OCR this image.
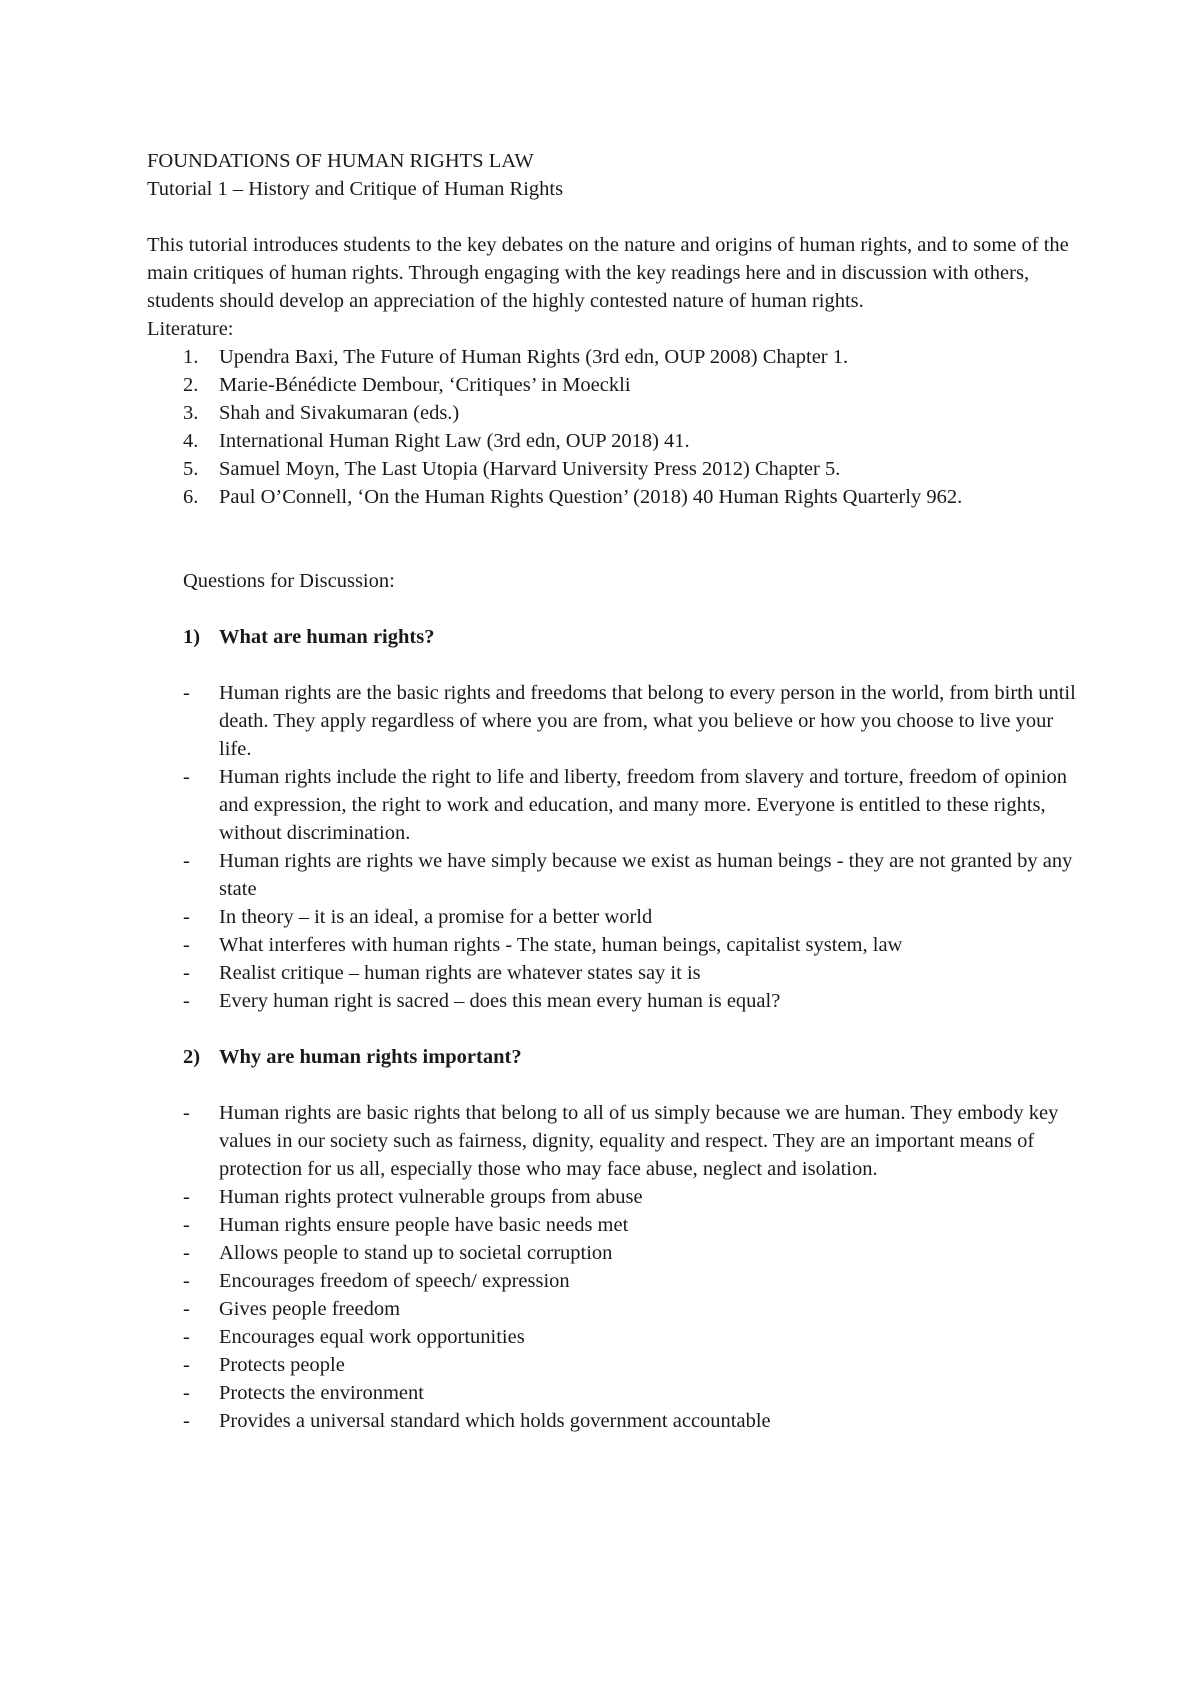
FOUNDATIONS OF HUMAN RIGHTS LAW
Tutorial 1 – History and Critique of Human Rights
This tutorial introduces students to the key debates on the nature and origins of human rights, and to some of the main critiques of human rights. Through engaging with the key readings here and in discussion with others, students should develop an appreciation of the highly contested nature of human rights.
Literature:
1.	Upendra Baxi, The Future of Human Rights (3rd edn, OUP 2008) Chapter 1.
2.	Marie-Bénédicte Dembour, ‘Critiques’ in Moeckli
3.	Shah and Sivakumaran (eds.)
4.	International Human Right Law (3rd edn, OUP 2018) 41.
5.	Samuel Moyn, The Last Utopia (Harvard University Press 2012) Chapter 5.
6.	Paul O’Connell, ‘On the Human Rights Question’ (2018) 40 Human Rights Quarterly 962.
Questions for Discussion:
1) What are human rights?
- Human rights are the basic rights and freedoms that belong to every person in the world, from birth until death. They apply regardless of where you are from, what you believe or how you choose to live your life.
- Human rights include the right to life and liberty, freedom from slavery and torture, freedom of opinion and expression, the right to work and education, and many more. Everyone is entitled to these rights, without discrimination.
- Human rights are rights we have simply because we exist as human beings - they are not granted by any state
- In theory – it is an ideal, a promise for a better world
- What interferes with human rights - The state, human beings, capitalist system, law
- Realist critique – human rights are whatever states say it is
- Every human right is sacred – does this mean every human is equal?
2) Why are human rights important?
- Human rights are basic rights that belong to all of us simply because we are human. They embody key values in our society such as fairness, dignity, equality and respect. They are an important means of protection for us all, especially those who may face abuse, neglect and isolation.
- Human rights protect vulnerable groups from abuse
- Human rights ensure people have basic needs met
- Allows people to stand up to societal corruption
- Encourages freedom of speech/ expression
- Gives people freedom
- Encourages equal work opportunities
- Protects people
- Protects the environment
- Provides a universal standard which holds government accountable
